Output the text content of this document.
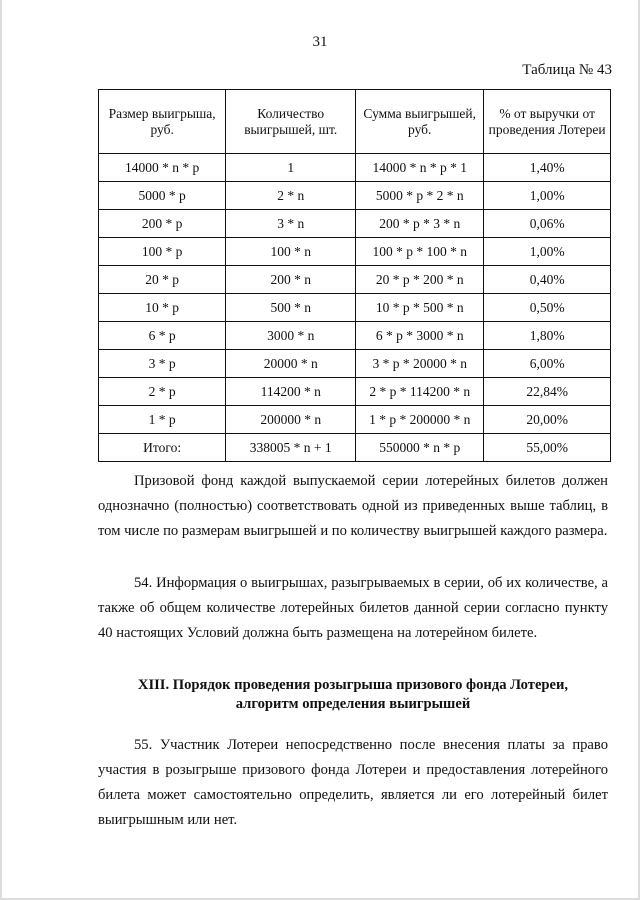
31
Таблица № 43
Размер выигрыша, руб.	Количество выигрышей, шт.	Сумма выигрышей, руб.	% от выручки от проведения Лотереи
14000 * n * p	1	14000 * n * p * 1	1,40%
5000 * p	2 * n	5000 * p * 2 * n	1,00%
200 * p	3 * n	200 * p * 3 * n	0,06%
100 * p	100 * n	100 * p * 100 * n	1,00%
20 * p	200 * n	20 * p * 200 * n	0,40%
10 * p	500 * n	10 * p * 500 * n	0,50%
6 * p	3000 * n	6 * p * 3000 * n	1,80%
3 * p	20000 * n	3 * p * 20000 * n	6,00%
2 * p	114200 * n	2 * p * 114200 * n	22,84%
1 * p	200000 * n	1 * p * 200000 * n	20,00%
Итого:	338005 * n + 1	550000 * n * p	55,00%
Призовой фонд каждой выпускаемой серии лотерейных билетов должен однозначно (полностью) соответствовать одной из приведенных выше таблиц, в том числе по размерам выигрышей и по количеству выигрышей каждого размера.
54. Информация о выигрышах, разыгрываемых в серии, об их количестве, а также об общем количестве лотерейных билетов данной серии согласно пункту 40 настоящих Условий должна быть размещена на лотерейном билете.
XIII. Порядок проведения розыгрыша призового фонда Лотереи,
алгоритм определения выигрышей
55. Участник Лотереи непосредственно после внесения платы за право участия в розыгрыше призового фонда Лотереи и предоставления лотерейного билета может самостоятельно определить, является ли его лотерейный билет выигрышным или нет.
